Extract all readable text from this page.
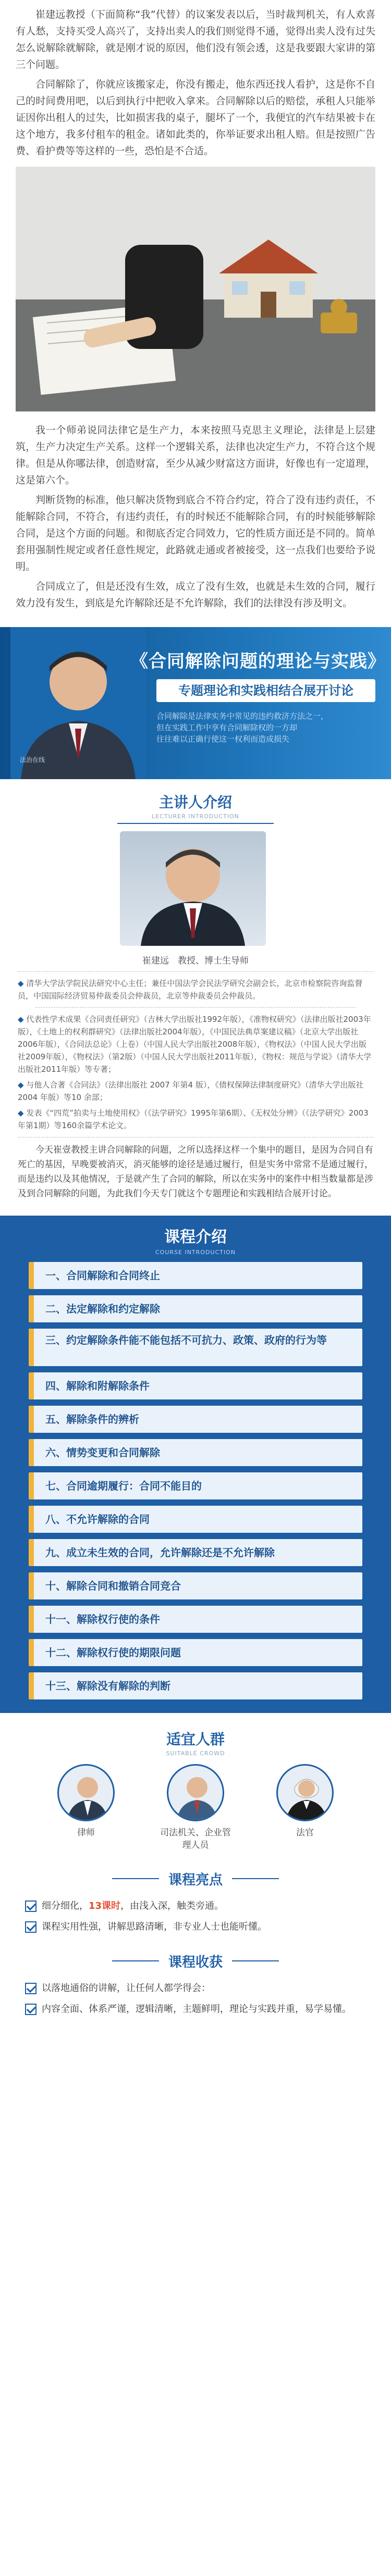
崔建远教授（下面简称“我”代替）的议案发表以后，当时裁判机关，有人欢喜有人愁，支持买受人高兴了，支持出卖人的我们则觉得不通，觉得出卖人没有过失怎么说解除就解除，就是刚才说的原因，他们没有领会透，这是我要跟大家讲的第三个问题。

合同解除了，你就应该搬家走，你没有搬走，他东西还找人看护，这是你不自己的时间费用吧，以后到执行中把收入拿来。合同解除以后的赔偿，承租人只能举证因你出租人的过失，比如损害我的桌子，腿坏了一个，我便宜的汽车结果被卡在这个地方，我多付租车的租金。诸如此类的，你举证要求出租人赔。但是按照广告费、看护费等等这样的一些，恐怕是不合适。

我一个师弟说同法律它是生产力，本来按照马克思主义理论，法律是上层建筑，生产力决定生产关系。这样一个逻辑关系，法律也决定生产力，不符合这个规律。但是从你哪法律，创造财富，至少从减少财富这方面讲，好像也有一定道理，这是第六个。

判断货物的标准，他只解决货物到底合不符合约定，符合了没有违约责任，不能解除合同，不符合，有违约责任，有的时候还不能解除合同，有的时候能够解除合同，是这个方面的问题。和彻底否定合同效力，它的性质方面还是不同的。简单套用强制性规定或者任意性规定，此路就走通或者被接受，这一点我们也要给予说明。

合同成立了，但是还没有生效，成立了没有生效，也就是未生效的合同，履行效力没有发生，到底是允许解除还是不允许解除，我们的法律没有涉及明文。

《合同解除问题的理论与实践》
专题理论和实践相结合展开讨论
合同解除是法律实务中常见的违约救济方法之一，
但在实践工作中享有合同解除权的一方却
往往难以正确行使这一权利而造成损失
法治在线
主讲人介绍
LECTURER INTRODUCTION
崔建远　教授、博士生导师

◆ 清华大学法学院民法研究中心主任；兼任中国法学会民法学研究会副会长，北京市检察院咨询监督员，中国国际经济贸易仲裁委员会仲裁员，北京等仲裁委员会仲裁员。

◆ 代表性学术成果《合同责任研究》（吉林大学出版社1992年版），《准物权研究》（法律出版社2003年版），《土地上的权利群研究》（法律出版社2004年版），《中国民法典草案建议稿》（北京大学出版社2006年版），《合同法总论》（上卷）（中国人民大学出版社2008年版），《物权法》（中国人民大学出版社2009年版），《物权法》（第2版）（中国人民大学出版社2011年版），《物权：规范与学说》（清华大学出版社2011年版）等专著；

◆ 与他人合著《合同法》（法律出版社 2007 年第4 版），《债权保障法律制度研究》（清华大学出版社 2004 年版）等10 余部；

◆ 发表《“四荒”拍卖与土地使用权》（《法学研究》1995年第6期）、《无权处分辨》（《法学研究》2003年第1期）等160余篇学术论文。

今天崔壹教授主讲合同解除的问题，之所以选择这样一个集中的题目，是因为合同自有死亡的基因，早晚要被消灭，消灭能够的途径是通过履行，但是实务中常常不是通过履行，而是违约以及其他情况，于是就产生了合同的解除，所以在实务中的案件中相当数量都是涉及到合同解除的问题，为此我们今天专门就这个专题理论和实践相结合展开讨论。

课程介绍
COURSE INTRODUCTION
一、合同解除和合同终止
二、法定解除和约定解除
三、约定解除条件能不能包括不可抗力、政策、政府的行为等
四、解除和附解除条件
五、解除条件的辨析
六、情势变更和合同解除
七、合同逾期履行：合同不能目的
八、不允许解除的合同
九、成立未生效的合同，允许解除还是不允许解除
十、解除合同和撤销合同竞合
十一、解除权行使的条件
十二、解除权行使的期限问题
十三、解除没有解除的判断
适宜人群
SUITABLE CROWD
律师	司法机关、企业管
理人员
法官
课程亮点
细分细化，13课时，由浅入深，触类旁通。
课程实用性强，讲解思路清晰，非专业人士也能听懂。
课程收获
以落地通俗的讲解，让任何人都学得会：
内容全面、体系严谨，逻辑清晰，主题鲜明，理论与实践并重，易学易懂。
